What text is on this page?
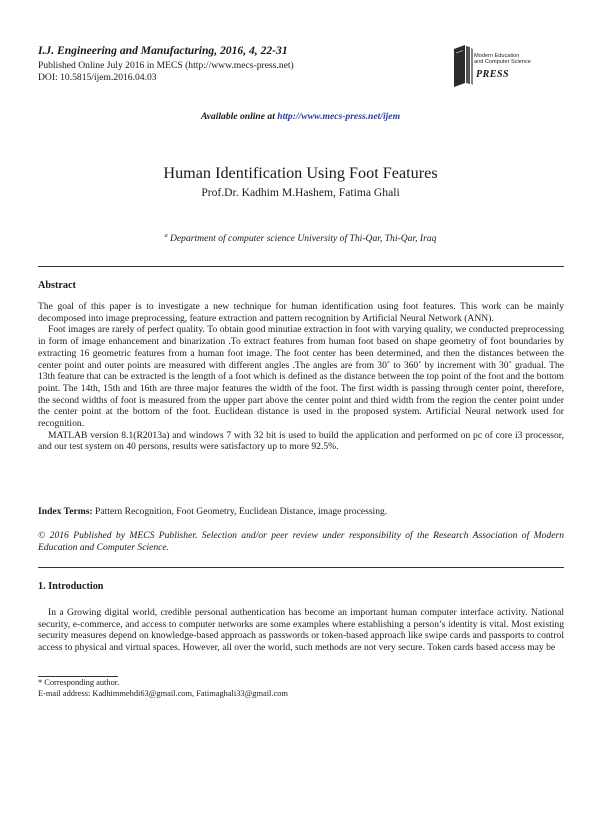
I.J. Engineering and Manufacturing, 2016, 4, 22-31
Published Online July 2016 in MECS (http://www.mecs-press.net)
DOI: 10.5815/ijem.2016.04.03
Modern Education
and Computer Science
PRESS
Available online at http://www.mecs-press.net/ijem
Human Identification Using Foot Features
Prof.Dr. Kadhim M.Hashem, Fatima Ghali
$^a$ Department of computer science University of Thi-Qar, Thi-Qar, Iraq
Abstract

The goal of this paper is to investigate a new technique for human identification using foot features. This work can be mainly decomposed into image preprocessing, feature extraction and pattern recognition by Artificial Neural Network (ANN).

Foot images are rarely of perfect quality. To obtain good minutiae extraction in foot with varying quality, we conducted preprocessing in form of image enhancement and binarization .To extract features from human foot based on shape geometry of foot boundaries by extracting 16 geometric features from a human foot image. The foot center has been determined, and then the distances between the center point and outer points are measured with different angles .The angles are from 30˚ to 360˚ by increment with 30˚ gradual. The 13th feature that can be extracted is the length of a foot which is defined as the distance between the top point of the foot and the bottom point. The 14th, 15th and 16th are three major features the width of the foot. The first width is passing through center point, therefore, the second widths of foot is measured from the upper part above the center point and third width from the region the center point under the center point at the bottom of the foot. Euclidean distance is used in the proposed system. Artificial Neural network used for recognition.

MATLAB version 8.1(R2013a) and windows 7 with 32 bit is used to build the application and performed on pc of core i3 processor, and our test system on 40 persons, results were satisfactory up to more 92.5%.

Index Terms: Pattern Recognition, Foot Geometry, Euclidean Distance, image processing.
© 2016 Published by MECS Publisher. Selection and/or peer review under responsibility of the Research Association of Modern Education and Computer Science.
1. Introduction

In a Growing digital world, credible personal authentication has become an important human computer interface activity. National security, e-commerce, and access to computer networks are some examples where establishing a person’s identity is vital. Most existing security measures depend on knowledge-based approach as passwords or token-based approach like swipe cards and passports to control access to physical and virtual spaces. However, all over the world, such methods are not very secure. Token cards based access may be

* Corresponding author.
E-mail address: Kadhimmehdi63@gmail.com, Fatimaghali33@gmail.com
